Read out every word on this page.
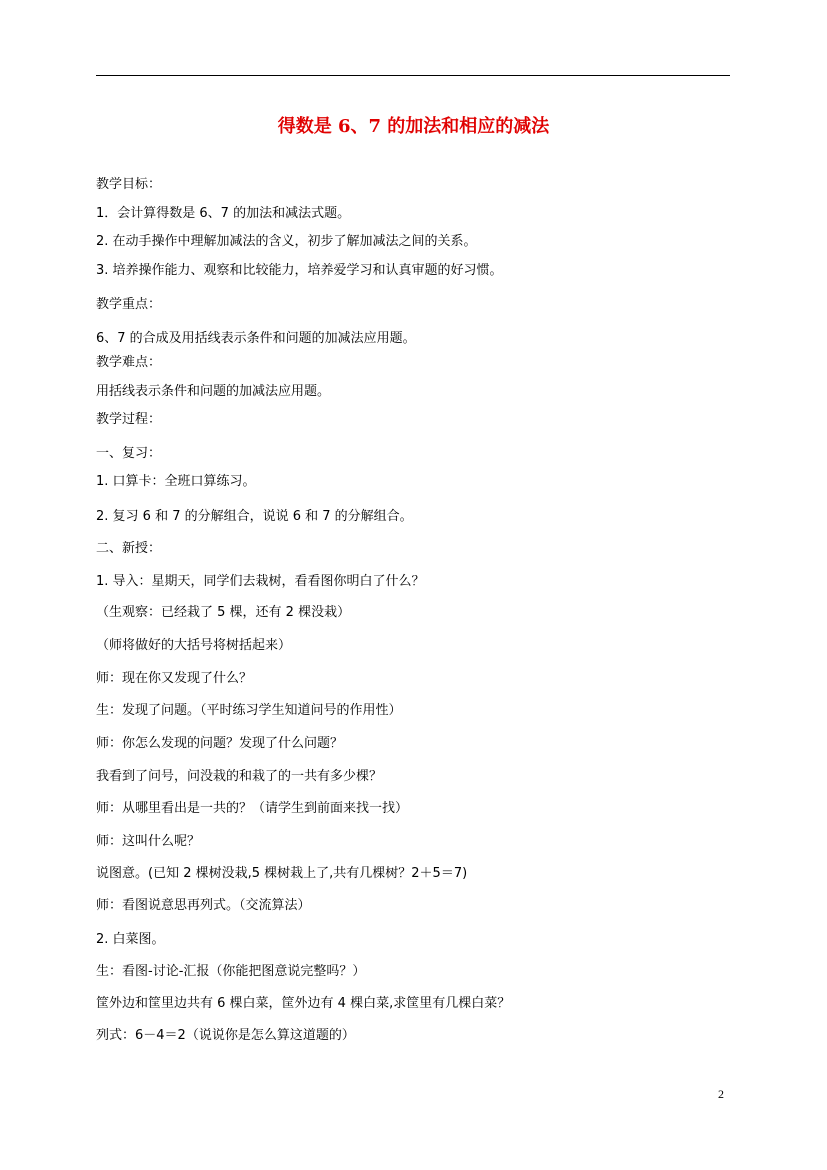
得数是 6、7 的加法和相应的减法
教学目标：
1．会计算得数是 6、7 的加法和减法式题。
2. 在动手操作中理解加减法的含义，初步了解加减法之间的关系。
3. 培养操作能力、观察和比较能力，培养爱学习和认真审题的好习惯。
教学重点：
6、7 的合成及用括线表示条件和问题的加减法应用题。
教学难点：
用括线表示条件和问题的加减法应用题。
教学过程：
一、复习：
1. 口算卡：全班口算练习。
2. 复习 6 和 7 的分解组合，说说 6 和 7 的分解组合。
二、新授：
1. 导入：星期天，同学们去栽树，看看图你明白了什么？
（生观察：已经栽了 5 棵，还有 2 棵没栽）
（师将做好的大括号将树括起来）
师：现在你又发现了什么？
生：发现了问题。（平时练习学生知道问号的作用性）
师：你怎么发现的问题？发现了什么问题？
我看到了问号，问没栽的和栽了的一共有多少棵？
师：从哪里看出是一共的？（请学生到前面来找一找）
师：这叫什么呢？
说图意。(已知 2 棵树没栽,5 棵树栽上了,共有几棵树？2＋5＝7)
师：看图说意思再列式。（交流算法）
2. 白菜图。
生：看图-讨论-汇报（你能把图意说完整吗？）
筐外边和筐里边共有 6 棵白菜，筐外边有 4 棵白菜,求筐里有几棵白菜？
列式：6－4＝2（说说你是怎么算这道题的）
2
